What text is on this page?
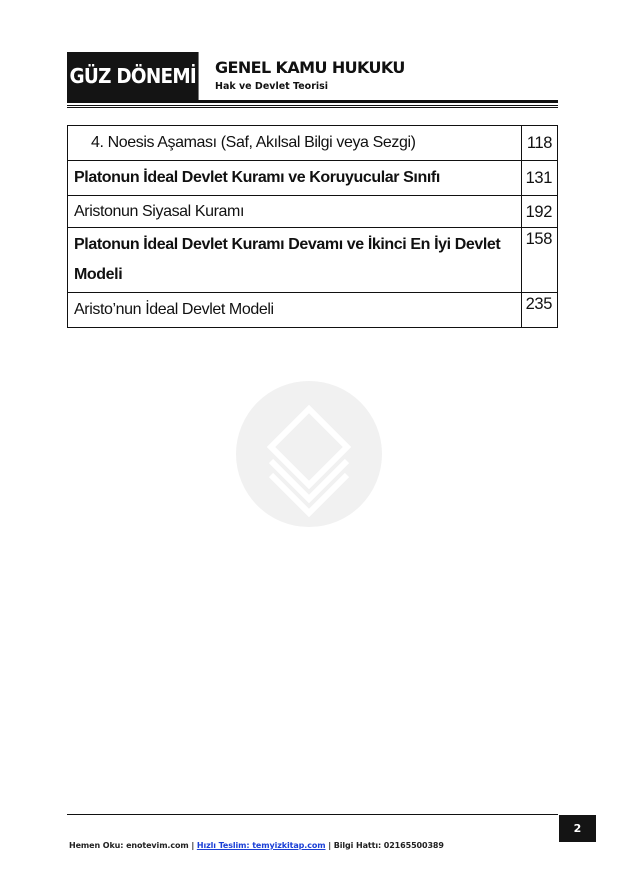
GÜZ DÖNEMİ GENEL KAMU HUKUKU
Hak ve Devlet Teorisi
4. Noesis Aşaması (Saf, Akılsal Bilgi veya Sezgi)	118
Platonun İdeal Devlet Kuramı ve Koruyucular Sınıfı	131
Aristonun Siyasal Kuramı	192
Platonun İdeal Devlet Kuramı Devamı ve İkinci En İyi Devlet Modeli	158
Aristo’nun İdeal Devlet Modeli	235
2
Hemen Oku: enotevim.com | Hızlı Teslim: temyizkitap.com | Bilgi Hattı: 02165500389
